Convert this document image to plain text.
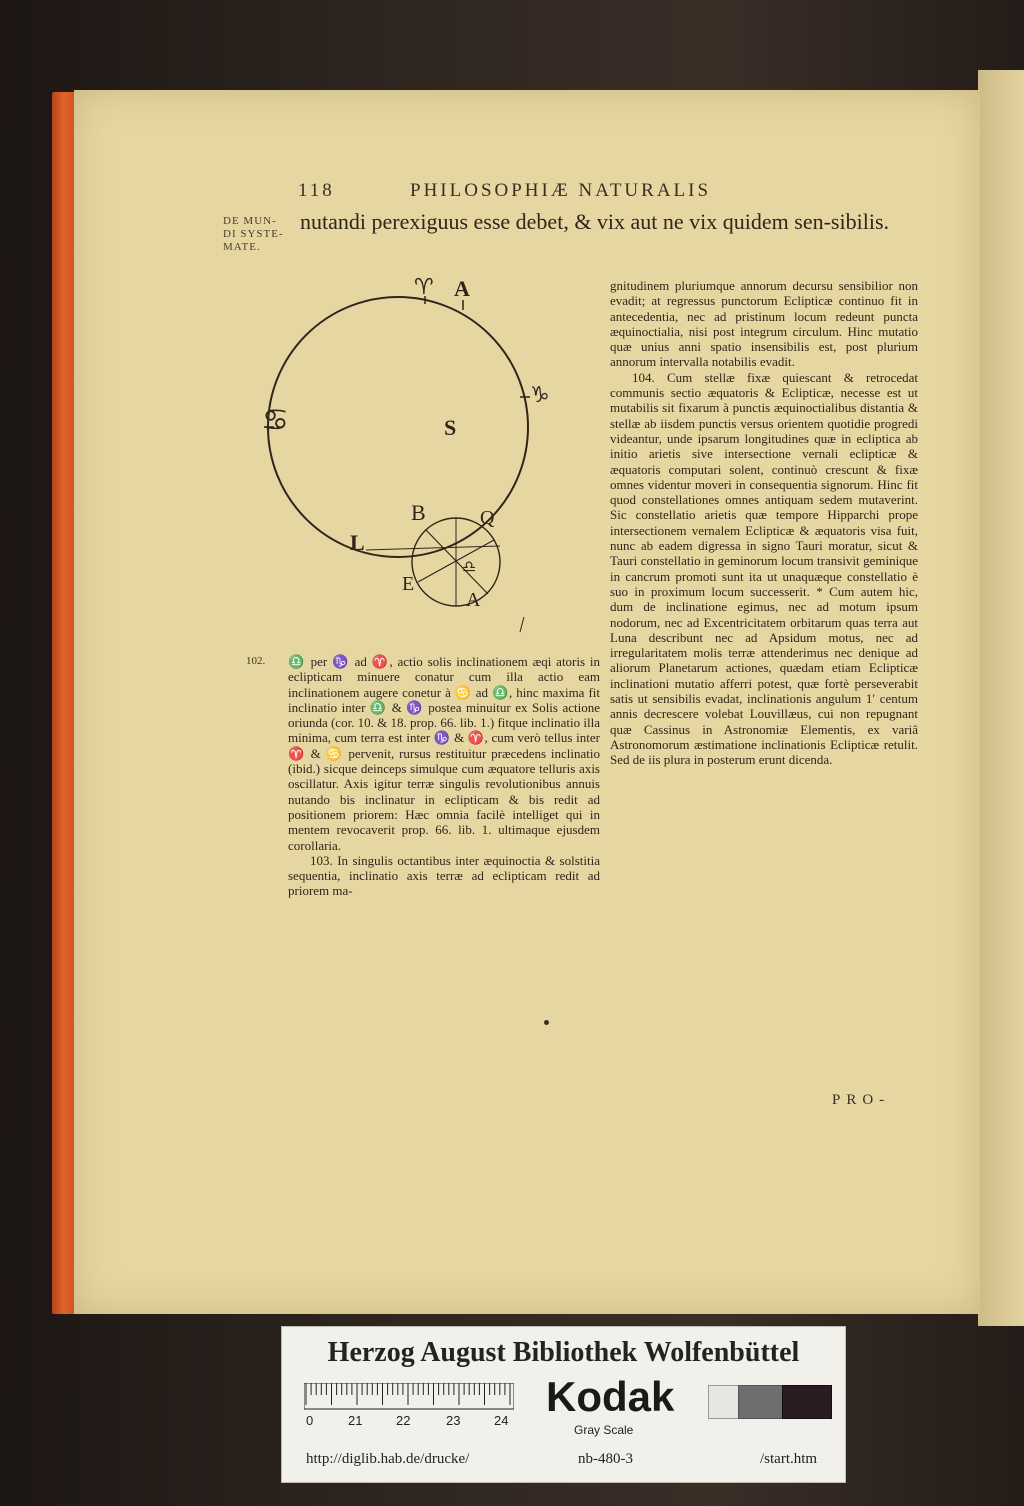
118	PHILOSOPHIÆ NATURALIS
DE MUN-
DI SYSTE-
MATE.
nutandi perexiguus esse debet, & vix aut ne vix quidem sen-sibilis.
♈ A
♑
♋	S
B	Q
L
E
♎
A
102. ♎ per ♑ ad ♈, actio solis inclinationem æqi atoris in eclipticam minuere conatur cum illa actio eam inclinationem augere conetur à ♋ ad ♎, hinc maxima fit inclinatio inter ♎ & ♑ postea minuitur ex Solis actione oriunda (cor. 10. & 18. prop. 66. lib. 1.) fitque inclinatio illa minima, cum terra est inter ♑ & ♈, cum verò tellus inter ♈ & ♋ pervenit, rursus restituitur præcedens inclinatio (ibid.) sicque deinceps simulque cum æquatore telluris axis oscillatur. Axis igitur terræ singulis revolutionibus annuis nutando bis inclinatur in eclipticam & bis redit ad positionem priorem: Hæc omnia facilè intelliget qui in mentem revocaverit prop. 66. lib. 1. ultimaque ejusdem corollaria.

103. In singulis octantibus inter æquinoctia & solstitia sequentia, inclinatio axis terræ ad eclipticam redit ad priorem ma-

gnitudinem pluriumque annorum decursu sensibilior non evadit; at regressus punctorum Eclipticæ continuo fit in antecedentia, nec ad pristinum locum redeunt puncta æquinoctialia, nisi post integrum circulum. Hinc mutatio quæ unius anni spatio insensibilis est, post plurium annorum intervalla notabilis evadit.

104. Cum stellæ fixæ quiescant & retrocedat communis sectio æquatoris & Eclipticæ, necesse est ut mutabilis sit fixarum à punctis æquinoctialibus distantia & stellæ ab iisdem punctis versus orientem quotidie progredi videantur, unde ipsarum longitudines quæ in ecliptica ab initio arietis sive intersectione vernali eclipticæ & æquatoris computari solent, continuò crescunt & fixæ omnes videntur moveri in consequentia signorum. Hinc fit quod constellationes omnes antiquam sedem mutaverint. Sic constellatio arietis quæ tempore Hipparchi prope intersectionem vernalem Eclipticæ & æquatoris visa fuit, nunc ab eadem digressa in signo Tauri moratur, sicut & Tauri constellatio in geminorum locum transivit geminique in cancrum promoti sunt ita ut unaquæque constellatio è suo in proximum locum successerit. * Cum autem hic, dum de inclinatione egimus, nec ad motum ipsum nodorum, nec ad Excentricitatem orbitarum quas terra aut Luna describunt nec ad Apsidum motus, nec ad irregularitatem molis terræ attenderimus nec denique ad aliorum Planetarum actiones, quædam etiam Eclipticæ inclinationi mutatio afferri potest, quæ fortè perseverabit satis ut sensibilis evadat, inclinationis angulum 1′ centum annis decrescere volebat Louvillæus, cui non repugnant quæ Cassinus in Astronomiæ Elementis, ex variâ Astronomorum æstimatione inclinationis Eclipticæ retulit. Sed de iis plura in posterum erunt dicenda.

PRO-
Herzog August Bibliothek Wolfenbüttel
0	21	22	23	24
Kodak
Gray Scale
http://diglib.hab.de/drucke/	nb-480-3	/start.htm
